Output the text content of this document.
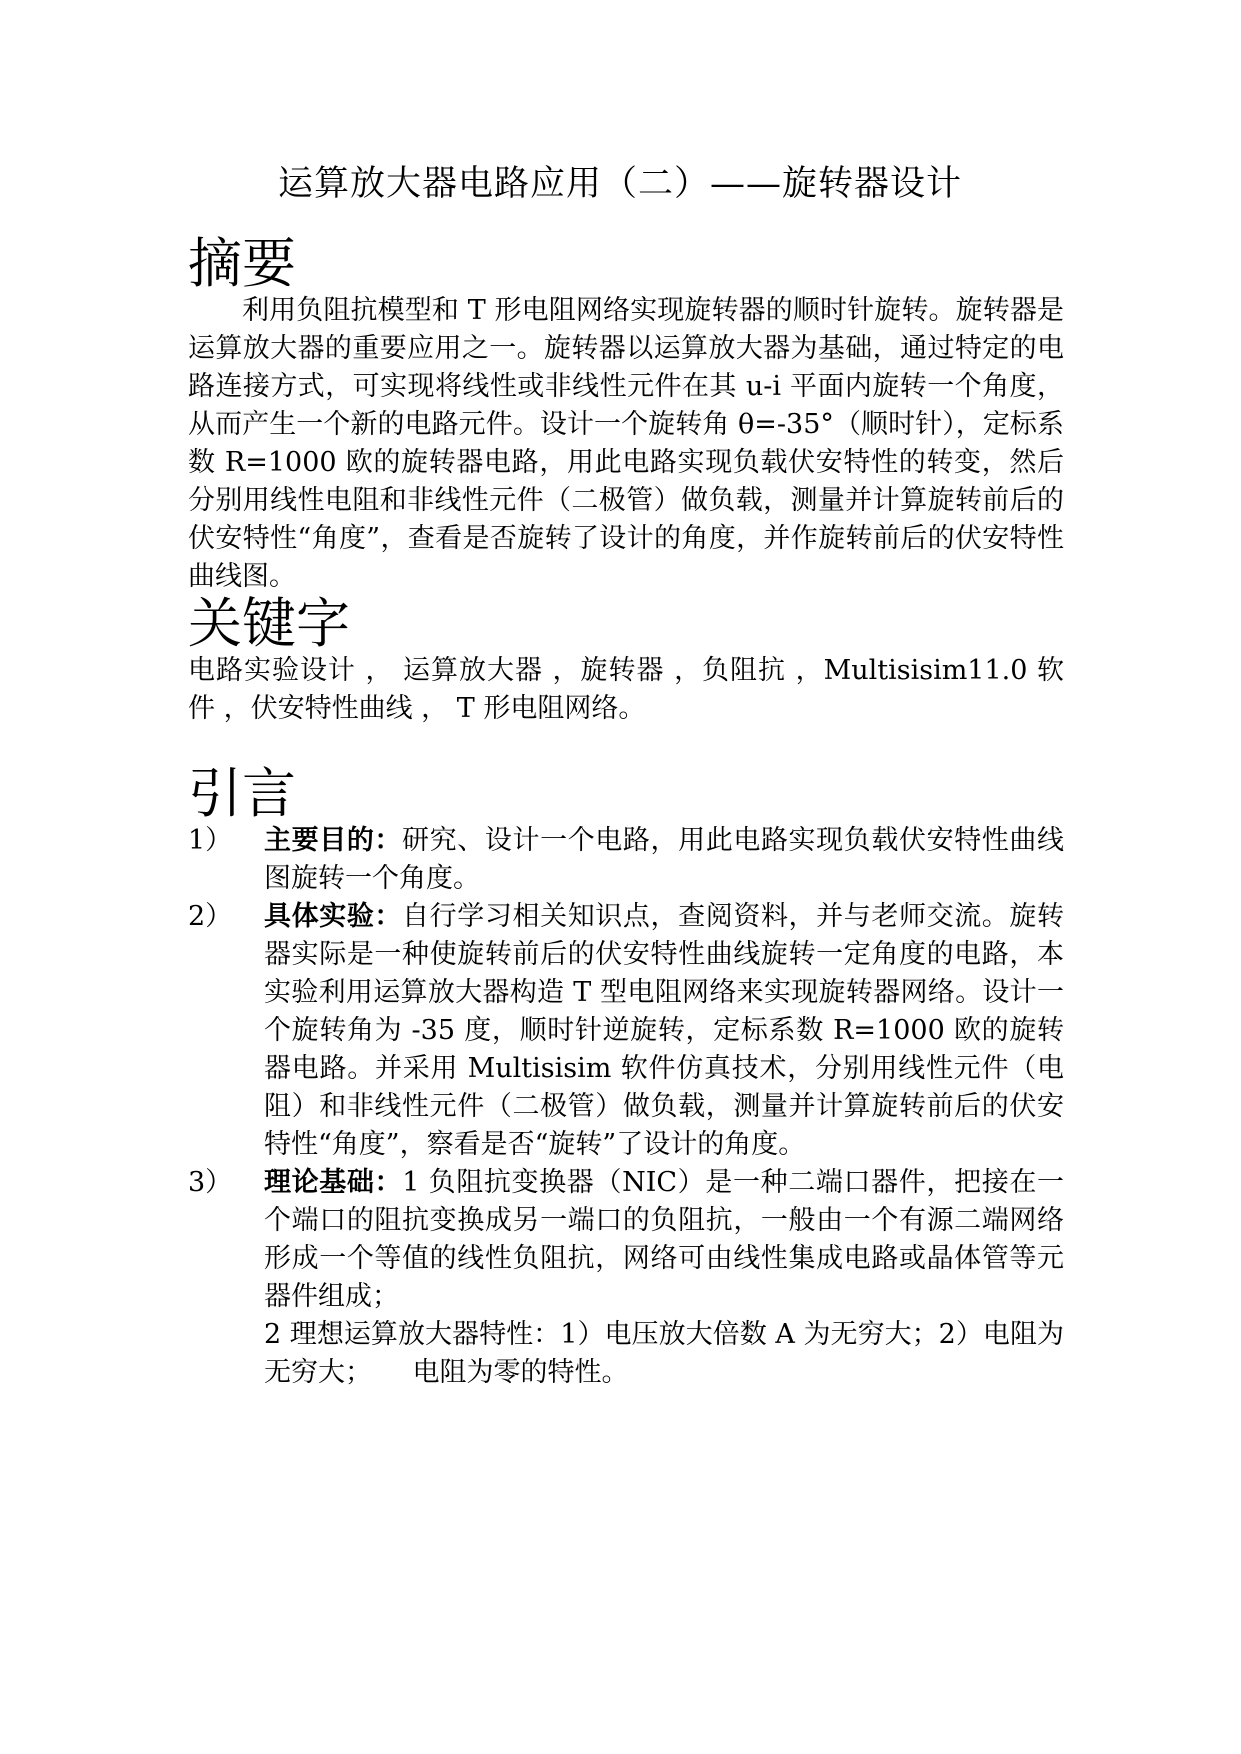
运算放大器电路应用（二）——旋转器设计
摘要

利用负阻抗模型和 T 形电阻网络实现旋转器的顺时针旋转。旋转器是运算放大器的重要应用之一。旋转器以运算放大器为基础，通过特定的电路连接方式，可实现将线性或非线性元件在其 u-i 平面内旋转一个角度，从而产生一个新的电路元件。设计一个旋转角 θ=-35°（顺时针），定标系数 R=1000 欧的旋转器电路，用此电路实现负载伏安特性的转变，然后分别用线性电阻和非线性元件（二极管）做负载，测量并计算旋转前后的伏安特性“角度”，查看是否旋转了设计的角度，并作旋转前后的伏安特性曲线图。

关键字

电路实验设计 ， 运算放大器 ，旋转器 ，负阻抗 ，Multisisim11.0 软件 ，伏安特性曲线 ， T 形电阻网络。

引言
1） 主要目的：研究、设计一个电路，用此电路实现负载伏安特性曲线图旋转一个角度。
2） 具体实验：自行学习相关知识点，查阅资料，并与老师交流。旋转器实际是一种使旋转前后的伏安特性曲线旋转一定角度的电路，本实验利用运算放大器构造 T 型电阻网络来实现旋转器网络。设计一个旋转角为 -35 度，顺时针逆旋转，定标系数 R=1000 欧的旋转器电路。并采用 Multisisim 软件仿真技术，分别用线性元件（电阻）和非线性元件（二极管）做负载，测量并计算旋转前后的伏安特性“角度”，察看是否“旋转”了设计的角度。
3） 理论基础：1 负阻抗变换器（NIC）是一种二端口器件，把接在一个端口的阻抗变换成另一端口的负阻抗，一般由一个有源二端网络形成一个等值的线性负阻抗，网络可由线性集成电路或晶体管等元器件组成；
2 理想运算放大器特性：1）电压放大倍数 A 为无穷大；2）电阻为无穷大；　　电阻为零的特性。
